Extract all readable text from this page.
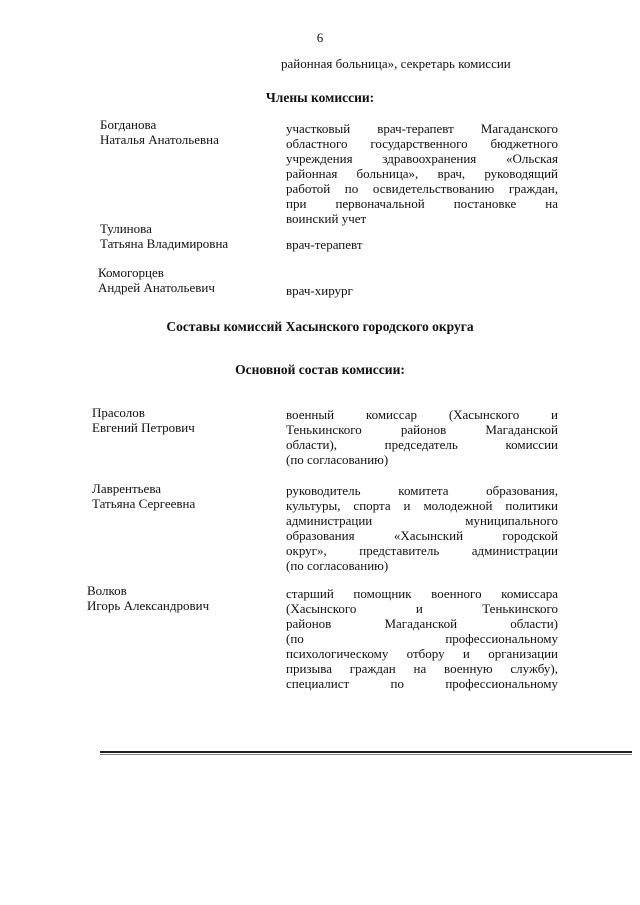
6
районная больница», секретарь комиссии
Члены комиссии:
Богданова
Наталья Анатольевна
участковый врач-терапевт Магаданского
областного государственного бюджетного
учреждения здравоохранения «Ольская
районная больница», врач, руководящий
работой по освидетельствованию граждан,
при первоначальной постановке на
воинский учет
Тулинова
Татьяна Владимировна	врач-терапевт
Комогорцев
Андрей Анатольевич	врач-хирург
Составы комиссий Хасынского городского округа
Основной состав комиссии:
Прасолов
Евгений Петрович
военный комиссар (Хасынского и
Тенькинского районов Магаданской
области), председатель комиссии
(по согласованию)
Лаврентьева
Татьяна Сергеевна
руководитель комитета образования,
культуры, спорта и молодежной политики
администрации муниципального
образования «Хасынский городской
округ», представитель администрации
(по согласованию)
Волков
Игорь Александрович
старший помощник военного комиссара
(Хасынского и Тенькинского
районов Магаданской области)
(по профессиональному
психологическому отбору и организации
призыва граждан на военную службу),
специалист по профессиональному
